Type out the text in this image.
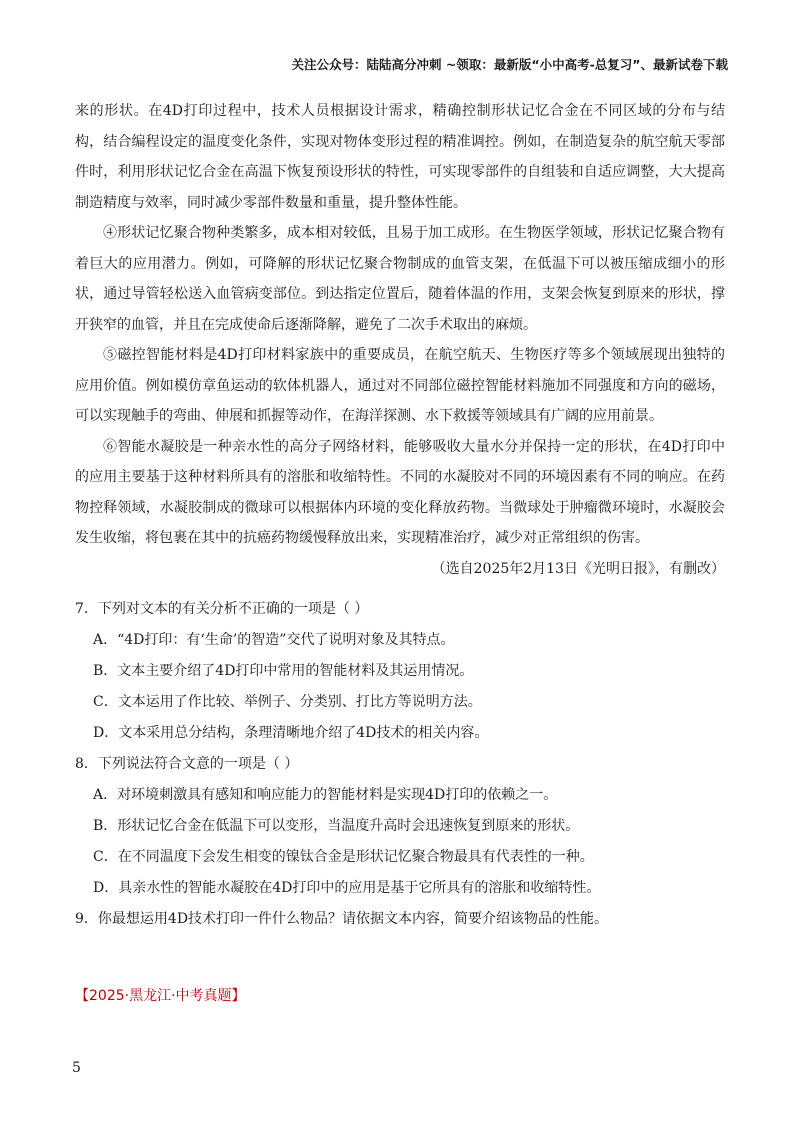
关注公众号：陆陆高分冲刺 ~领取：最新版“小中高考-总复习”、最新试卷下载

来的形状。在4D打印过程中，技术人员根据设计需求，精确控制形状记忆合金在不同区域的分布与结构，结合编程设定的温度变化条件，实现对物体变形过程的精准调控。例如，在制造复杂的航空航天零部件时，利用形状记忆合金在高温下恢复预设形状的特性，可实现零部件的自组装和自适应调整，大大提高制造精度与效率，同时减少零部件数量和重量，提升整体性能。

④形状记忆聚合物种类繁多，成本相对较低，且易于加工成形。在生物医学领域，形状记忆聚合物有着巨大的应用潜力。例如，可降解的形状记忆聚合物制成的血管支架，在低温下可以被压缩成细小的形状，通过导管轻松送入血管病变部位。到达指定位置后，随着体温的作用，支架会恢复到原来的形状，撑开狭窄的血管，并且在完成使命后逐渐降解，避免了二次手术取出的麻烦。

⑤磁控智能材料是4D打印材料家族中的重要成员，在航空航天、生物医疗等多个领域展现出独特的应用价值。例如模仿章鱼运动的软体机器人，通过对不同部位磁控智能材料施加不同强度和方向的磁场，可以实现触手的弯曲、伸展和抓握等动作，在海洋探测、水下救援等领域具有广阔的应用前景。

⑥智能水凝胶是一种亲水性的高分子网络材料，能够吸收大量水分并保持一定的形状，在4D打印中的应用主要基于这种材料所具有的溶胀和收缩特性。不同的水凝胶对不同的环境因素有不同的响应。在药物控释领域，水凝胶制成的微球可以根据体内环境的变化释放药物。当微球处于肿瘤微环境时，水凝胶会发生收缩，将包裹在其中的抗癌药物缓慢释放出来，实现精准治疗，减少对正常组织的伤害。

（选自2025年2月13日《光明日报》，有删改）

7．下列对文本的有关分析不正确的一项是（ ）

A．“4D打印：有‘生命’的智造”交代了说明对象及其特点。

B．文本主要介绍了4D打印中常用的智能材料及其运用情况。

C．文本运用了作比较、举例子、分类别、打比方等说明方法。

D．文本采用总分结构，条理清晰地介绍了4D技术的相关内容。

8．下列说法符合文意的一项是（ ）

A．对环境刺激具有感知和响应能力的智能材料是实现4D打印的依赖之一。

B．形状记忆合金在低温下可以变形，当温度升高时会迅速恢复到原来的形状。

C．在不同温度下会发生相变的镍钛合金是形状记忆聚合物最具有代表性的一种。

D．具亲水性的智能水凝胶在4D打印中的应用是基于它所具有的溶胀和收缩特性。

9．你最想运用4D技术打印一件什么物品？请依据文本内容，简要介绍该物品的性能。

【2025·黑龙江·中考真题】
5
